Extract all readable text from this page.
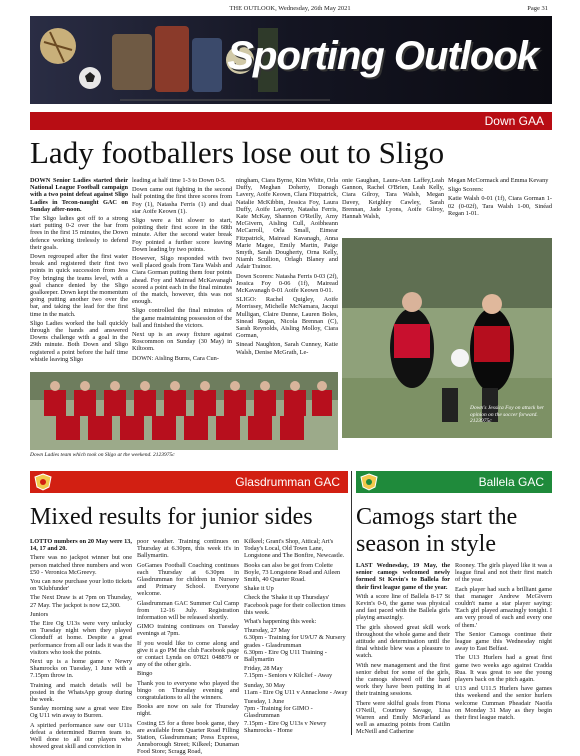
THE OUTLOOK, Wednesday, 26th May 2021	Page 31
Sporting Outlook
Down GAA
Lady footballers lose out to Sligo

DOWN Senior Ladies started their National League Football campaign with a two point defeat against Sligo Ladies in Tecon-naught GAC on Sunday after-noon.

The Sligo ladies got off to a strong start putting 0-2 over the bar from frees in the first 15 minutes, the Down defence working tirelessly to defend their goals.

Down regrouped after the first water break and registered their first two points in quick succession from Jess Foy bringing the teams level, with a goal chance denied by the Sligo goalkeeper. Down kept the momentum going putting another two over the bar, and taking the lead for the first time in the match.

Sligo Ladies worked the ball quickly through the hands and answered Downs challenge with a goal in the 29th minute. Both Down and Sligo registered a point before the half time whistle leaving Sligo

leading at half time 1-3 to Down 0-5.

Down came out fighting in the second half pointing the first three scores from Foy (1), Natasha Ferris (1) and dual star Aoife Keown (1).

Sligo were a bit slower to start, pointing their first score in the 68th minute. After the second water break Foy pointed a further score leaving Down leading by two points.

However, Sligo responded with two well placed goals from Tara Walsh and Ciara Gorman putting them four points ahead. Foy and Mairead McKavanagh scored a point each in the final minutes of the match, however, this was not enough.

Sligo controlled the final minutes of the game maintaining possession of the ball and finished the victors.

Next up is an away fixture against Roscommon on Sunday (30 May) in Kiltoom.

DOWN: Aisling Burns, Cara Cun-

ningham, Ciara Byrne, Kim White, Orla Duffy, Meghan Doherty, Donagh Lavery, Aoife Keown, Clara Fitzpatrick, Natalie McKibbin, Jessica Foy, Laura Duffy, Aoife Laverty, Natasha Ferris, Kate McKay, Shannon O'Reilly, Amy McGivern, Aisling Cull, Aoibheann McCarroll, Orla Small, Eimear Fitzpatrick, Mairead Kavanagh, Anna Marie Magee, Emily Martin, Paige Smyth, Sarah Dougherty, Orna Kelly, Niamh Scullion, Orlagh Blaney and Adair Trainor.

Down Scorers: Natasha Ferris 0-03 (2f), Jessica Foy 0-06 (1f), Mairead McKavanagh 0-01 Aoife Keown 0-01.

SLIGO: Rachel Quigley, Aoife Morrissey, Michelle McNamara, Jacqui Mulligan, Claire Dunne, Lauren Boles, Sinead Regan, Nicola Brennan (C), Sarah Reynolds, Aisling Molloy, Ciara Gorman,

Sinead Naughton, Sarah Cunney, Katie Walsh, Denise McGrath, Le-

onie Gaughan, Laura-Ann Laffey,Leah Gannon, Rachel O'Brien, Leah Kelly, Ciara Gilroy, Tara Walsh, Megan Davey, Keighley Cawley, Sarah Brennan, Jade Lyons, Aoife Gilroy, Hannah Walsh,

Megan McCormack and Emma Kevany

Sligo Scorers:

Katie Walsh 0-01 (1f), Ciara Gorman 1-02 (0-02f), Tara Walsh 1-00, Sinéad Regan 1-01.

Down's Jessica Foy on attack her opinion on the soccer forward. 2123975c
Down Ladies team which took on Sligo at the weekend. 2123975c
Glasdrumman GAC	Ballela GAC
Mixed results for junior sides Camogs start the season in style

LOTTO numbers on 20 May were 13, 14, 17 and 20.

There was no jackpot winner but one person matched three numbers and won £50 - Veronica McGreevy.

You can now purchase your lotto tickets on 'Klubfunder'

The Next Draw is at 7pm on Thursday, 27 May. The jackpot is now £2,300.

Juniors

The Eire Og U13s were very unlucky on Tuesday night when they played Clonduff at home. Despite a great performance from all our lads it was the visitors who took the points.

Next up is a home game v Newry Shamrocks on Tuesday, 1 June with a 7.15pm throw in.

Training and match details will be posted in the WhatsApp group during the week.

Sunday morning saw a great wee Eire Og U11 win away to Burren.

A spirited performance saw our U11s defeat a determined Burren team to. Well done to all our players who showed great skill and conviction in

poor weather. Training continues on Thursday at 6.30pm, this week it's in Ballymartin.

GoGames Football Coaching continues each Thursday at 6.30pm in Glasdrumman for children in Nursery and Primary School. Everyone welcome.

Glasdrumman GAC Summer Cul Camp from 12-16 July. Registration information will be released shortly.

GIMO training continues on Tuesday evenings at 7pm.

If you would like to come along and give it a go PM the club Facebook page or contact Lynda on 07821 048879 or any of the other girls.

Bingo

Thank you to everyone who played the bingo on Thursday evening and congratulations to all the winners.

Books are now on sale for Thursday night.

Costing £5 for a three book game, they are available from Quarter Road Filling Station, Glasdrumman; Press Express, Annsborough Street; Kilkeel; Dunaman Food Store; Scragg Road,

Kilkeel; Grant's Shop, Attical; Art's Today's Local, Old Town Lane, Longstone and The Bonfire, Newcastle.

Books can also be got from Colette Boyle, 73 Longstone Road and Aileen Smith, 40 Quarter Road.

Shake it Up

Check the 'Shake it up Thursdays' Facebook page for their collection times this week.

What's happening this week:

Thursday, 27 May

6.30pm - Training for U9/U7 & Nursery grades - Glasdrumman

6.30pm - Eire Og U11 Training - Ballymartin

Friday, 28 May

7.15pm - Seniors v Kilclief - Away

Sunday, 30 May

11am - Eire Og U11 v Annaclone - Away

Tuesday, 1 June

7pm - Training for GIMO - Glasdrumman

7.15pm - Eire Og U13s v Newry Shamrocks - Home

LAST Wednesday, 19 May, the senior camogs welcomed newly formed St Kevin's to Ballela for their first league game of the year.

With a score line of Ballela 8-17 St Kevin's 0-0, the game was physical and fast paced with the Ballela girls playing amazingly.

The girls showed great skill work throughout the whole game and their attitude and determination until the final whistle blew was a pleasure to watch.

With new management and the first senior debut for some of the girls, the camogs showed off the hard work they have been putting in at their training sessions.

There were skilful goals from Fiona O'Neill, Courtney Savage, Lisa Warren and Emily McParland as well as amazing points from Caitlin McNeill and Catherine

Rooney. The girls played like it was a league final and not their first match of the year.

Each player had such a brilliant game that manager Andrew McGivern couldn't name a star player saying: 'Each girl played amazingly tonight. I am very proud of each and every one of them.'

The Senior Camogs continue their league game this Wednesday night away to East Belfast.

The U13 Hurlers had a great first game two weeks ago against Cradda Rua. It was great to see the young players back on the pitch again.

U13 and U11.5 Hurlers have games this weekend and the senior hurlers welcome Cumman Pheadair Naoifa on Monday 31 May as they begin their first league match.
